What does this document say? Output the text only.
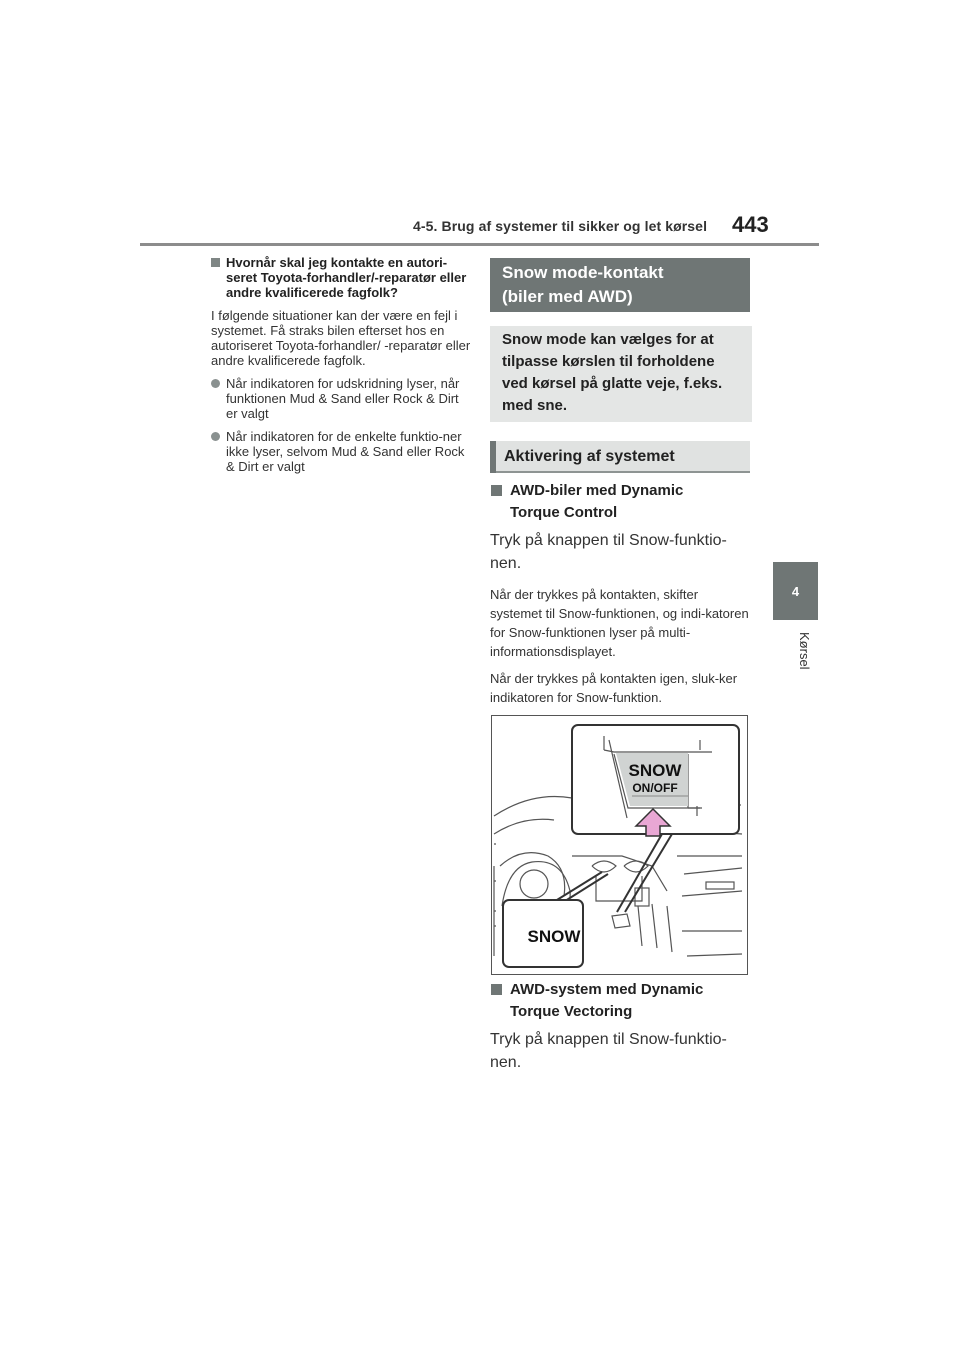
4-5. Brug af systemer til sikker og let kørsel 443
4
Kørsel
Hvornår skal jeg kontakte en autori-seret Toyota-forhandler/-reparatør eller andre kvalificerede fagfolk?
I følgende situationer kan der være en fejl i systemet. Få straks bilen efterset hos en autoriseret Toyota-forhandler/ -reparatør eller andre kvalificerede fagfolk.
Når indikatoren for udskridning lyser, når funktionen Mud & Sand eller Rock & Dirt er valgt
Når indikatoren for de enkelte funktio-ner ikke lyser, selvom Mud & Sand eller Rock & Dirt er valgt
Snow mode-kontakt
(biler med AWD)
Snow mode kan vælges for at tilpasse kørslen til forholdene ved kørsel på glatte veje, f.eks. med sne.
Aktivering af systemet
AWD-biler med Dynamic
Torque Control
Tryk på knappen til Snow-funktio-nen.
Når der trykkes på kontakten, skifter systemet til Snow-funktionen, og indi-katoren for Snow-funktionen lyser på multi-informationsdisplayet.
Når der trykkes på kontakten igen, sluk-ker indikatoren for Snow-funktion.
SNOW
ON/OFF
SNOW
AWD-system med Dynamic
Torque Vectoring
Tryk på knappen til Snow-funktio-nen.
